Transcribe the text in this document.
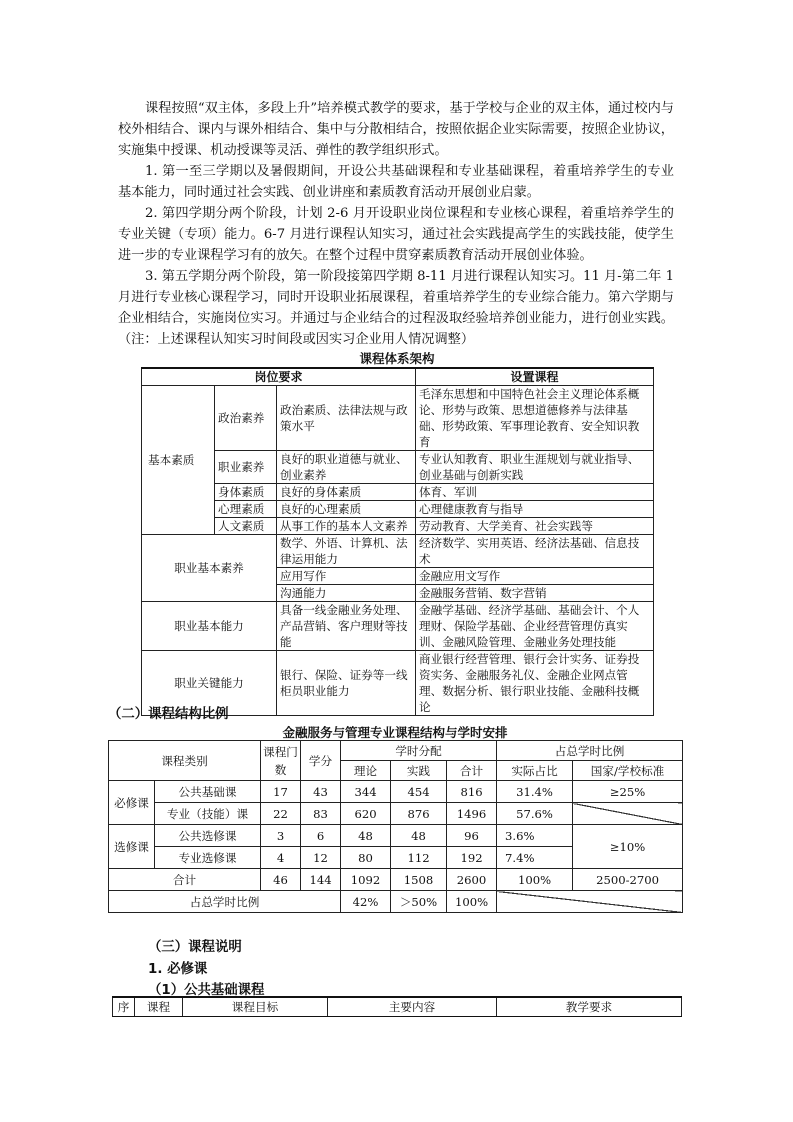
课程按照“双主体，多段上升”培养模式教学的要求，基于学校与企业的双主体，通过校内与校外相结合、课内与课外相结合、集中与分散相结合，按照依据企业实际需要，按照企业协议，实施集中授课、机动授课等灵活、弹性的教学组织形式。

1. 第一至三学期以及暑假期间，开设公共基础课程和专业基础课程，着重培养学生的专业基本能力，同时通过社会实践、创业讲座和素质教育活动开展创业启蒙。

2. 第四学期分两个阶段，计划 2-6 月开设职业岗位课程和专业核心课程，着重培养学生的专业关键（专项）能力。6-7 月进行课程认知实习，通过社会实践提高学生的实践技能，使学生进一步的专业课程学习有的放矢。在整个过程中贯穿素质教育活动开展创业体验。

3. 第五学期分两个阶段，第一阶段接第四学期 8-11 月进行课程认知实习。11 月-第二年 1 月进行专业核心课程学习，同时开设职业拓展课程，着重培养学生的专业综合能力。第六学期与企业相结合，实施岗位实习。并通过与企业结合的过程汲取经验培养创业能力，进行创业实践。（注：上述课程认知实习时间段或因实习企业用人情况调整）

课程体系架构
岗位要求			设置课程
基本素质	政治素养	政治素质、法律法规与政策水平	毛泽东思想和中国特色社会主义理论体系概论、形势与政策、思想道德修养与法律基础、形势政策、军事理论教育、安全知识教育
	职业素养	良好的职业道德与就业、创业素养	专业认知教育、职业生涯规划与就业指导、创业基础与创新实践
	身体素质	良好的身体素质	体育、军训
	心理素质	良好的心理素质	心理健康教育与指导
	人文素质	从事工作的基本人文素养	劳动教育、大学美育、社会实践等
职业基本素养		数学、外语、计算机、法律运用能力	经济数学、实用英语、经济法基础、信息技术
		应用写作	金融应用文写作
		沟通能力	金融服务营销、数字营销
职业基本能力		具备一线金融业务处理、产品营销、客户理财等技能	金融学基础、经济学基础、基础会计、个人理财、保险学基础、企业经营管理仿真实训、金融风险管理、金融业务处理技能
职业关键能力		银行、保险、证券等一线柜员职业能力	商业银行经营管理、银行会计实务、证券投资实务、金融服务礼仪、金融企业网点管理、数据分析、银行职业技能、金融科技概论
（二）课程结构比例
金融服务与管理专业课程结构与学时安排
课程类别		课程门数	学分	学时分配			占总学时比例	
				理论	实践	合计	实际占比	国家/学校标准
必修课	公共基础课	17	43	344	454	816	31.4%	≥25%
	专业（技能）课	22	83	620	876	1496	57.6%	
选修课	公共选修课	3	6	48	48	96	3.6%	≥10%
	专业选修课	4	12	80	112	192	7.4%	
合计		46	144	1092	1508	2600	100%	2500-2700
占总学时比例				42%	＞50%	100%		
（三）课程说明
1. 必修课
（1）公共基础课程
序	课程	课程目标	主要内容	教学要求
